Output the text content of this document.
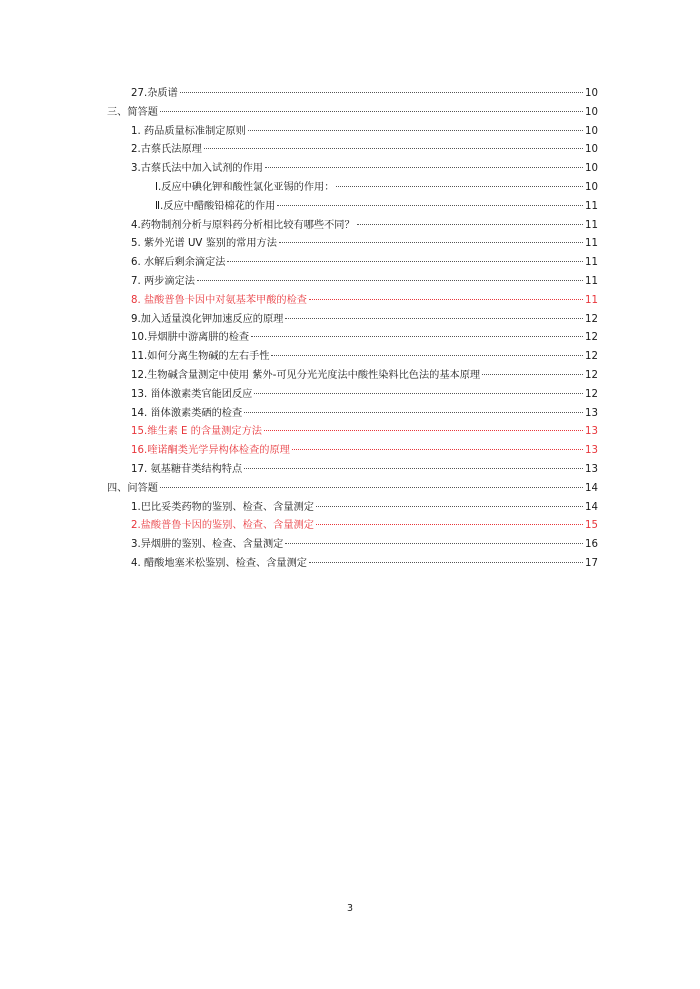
27.杂质谱	10
三、简答题	10
1. 药品质量标准制定原则	10
2.古蔡氏法原理	10
3.古蔡氏法中加入试剂的作用	10
Ⅰ.反应中碘化钾和酸性氯化亚锡的作用：	10
Ⅱ.反应中醋酸铅棉花的作用	11
4.药物制剂分析与原料药分析相比较有哪些不同？	11
5. 紫外光谱 UV 鉴别的常用方法	11
6. 水解后剩余滴定法	11
7. 两步滴定法	11
8. 盐酸普鲁卡因中对氨基苯甲酸的检查	11
9.加入适量溴化钾加速反应的原理	12
10.异烟肼中游离肼的检查	12
11.如何分离生物碱的左右手性	12
12.生物碱含量测定中使用 紫外-可见分光光度法中酸性染料比色法的基本原理	12
13. 甾体激素类官能团反应	12
14. 甾体激素类硒的检查	13
15.维生素 E 的含量测定方法	13
16.喹诺酮类光学异构体检查的原理	13
17. 氨基糖苷类结构特点	13
四、问答题	14
1.巴比妥类药物的鉴别、检查、含量测定	14
2.盐酸普鲁卡因的鉴别、检查、含量测定	15
3.异烟肼的鉴别、检查、含量测定	16
4. 醋酸地塞米松鉴别、检查、含量测定	17
3
